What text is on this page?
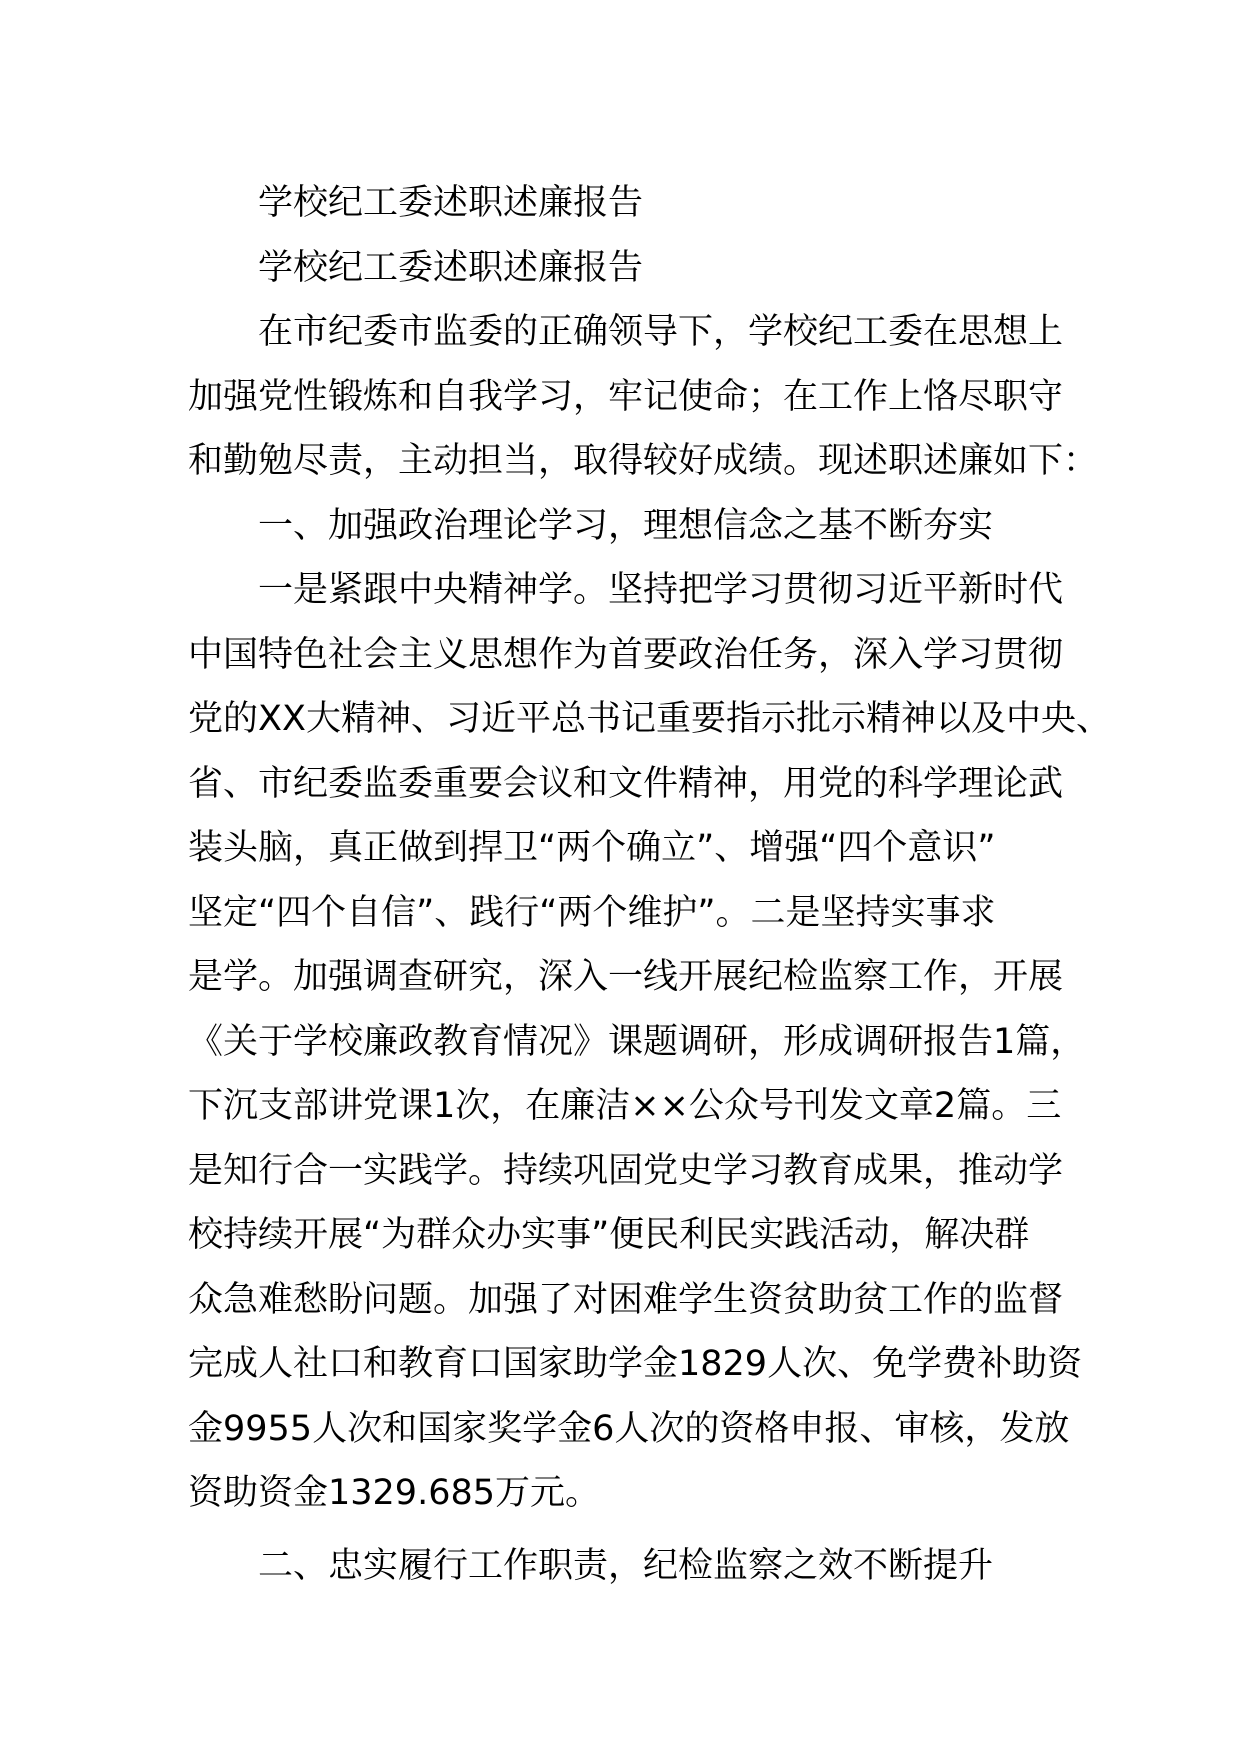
学校纪工委述职述廉报告
学校纪工委述职述廉报告
在市纪委市监委的正确领导下，学校纪工委在思想上
加强党性锻炼和自我学习，牢记使命；在工作上恪尽职守
和勤勉尽责，主动担当，取得较好成绩。现述职述廉如下：
一、加强政治理论学习，理想信念之基不断夯实
一是紧跟中央精神学。坚持把学习贯彻习近平新时代
中国特色社会主义思想作为首要政治任务，深入学习贯彻
党的XX大精神、习近平总书记重要指示批示精神以及中央、
省、市纪委监委重要会议和文件精神，用党的科学理论武
装头脑，真正做到捍卫“两个确立”、增强“四个意识”
坚定“四个自信”、践行“两个维护”。二是坚持实事求
是学。加强调查研究，深入一线开展纪检监察工作，开展
《关于学校廉政教育情况》课题调研，形成调研报告1篇，
下沉支部讲党课1次，在廉洁××公众号刊发文章2篇。三
是知行合一实践学。持续巩固党史学习教育成果，推动学
校持续开展“为群众办实事”便民利民实践活动，解决群
众急难愁盼问题。加强了对困难学生资贫助贫工作的监督
完成人社口和教育口国家助学金1829人次、免学费补助资
金9955人次和国家奖学金6人次的资格申报、审核，发放
资助资金1329.685万元。
二、忠实履行工作职责，纪检监察之效不断提升
